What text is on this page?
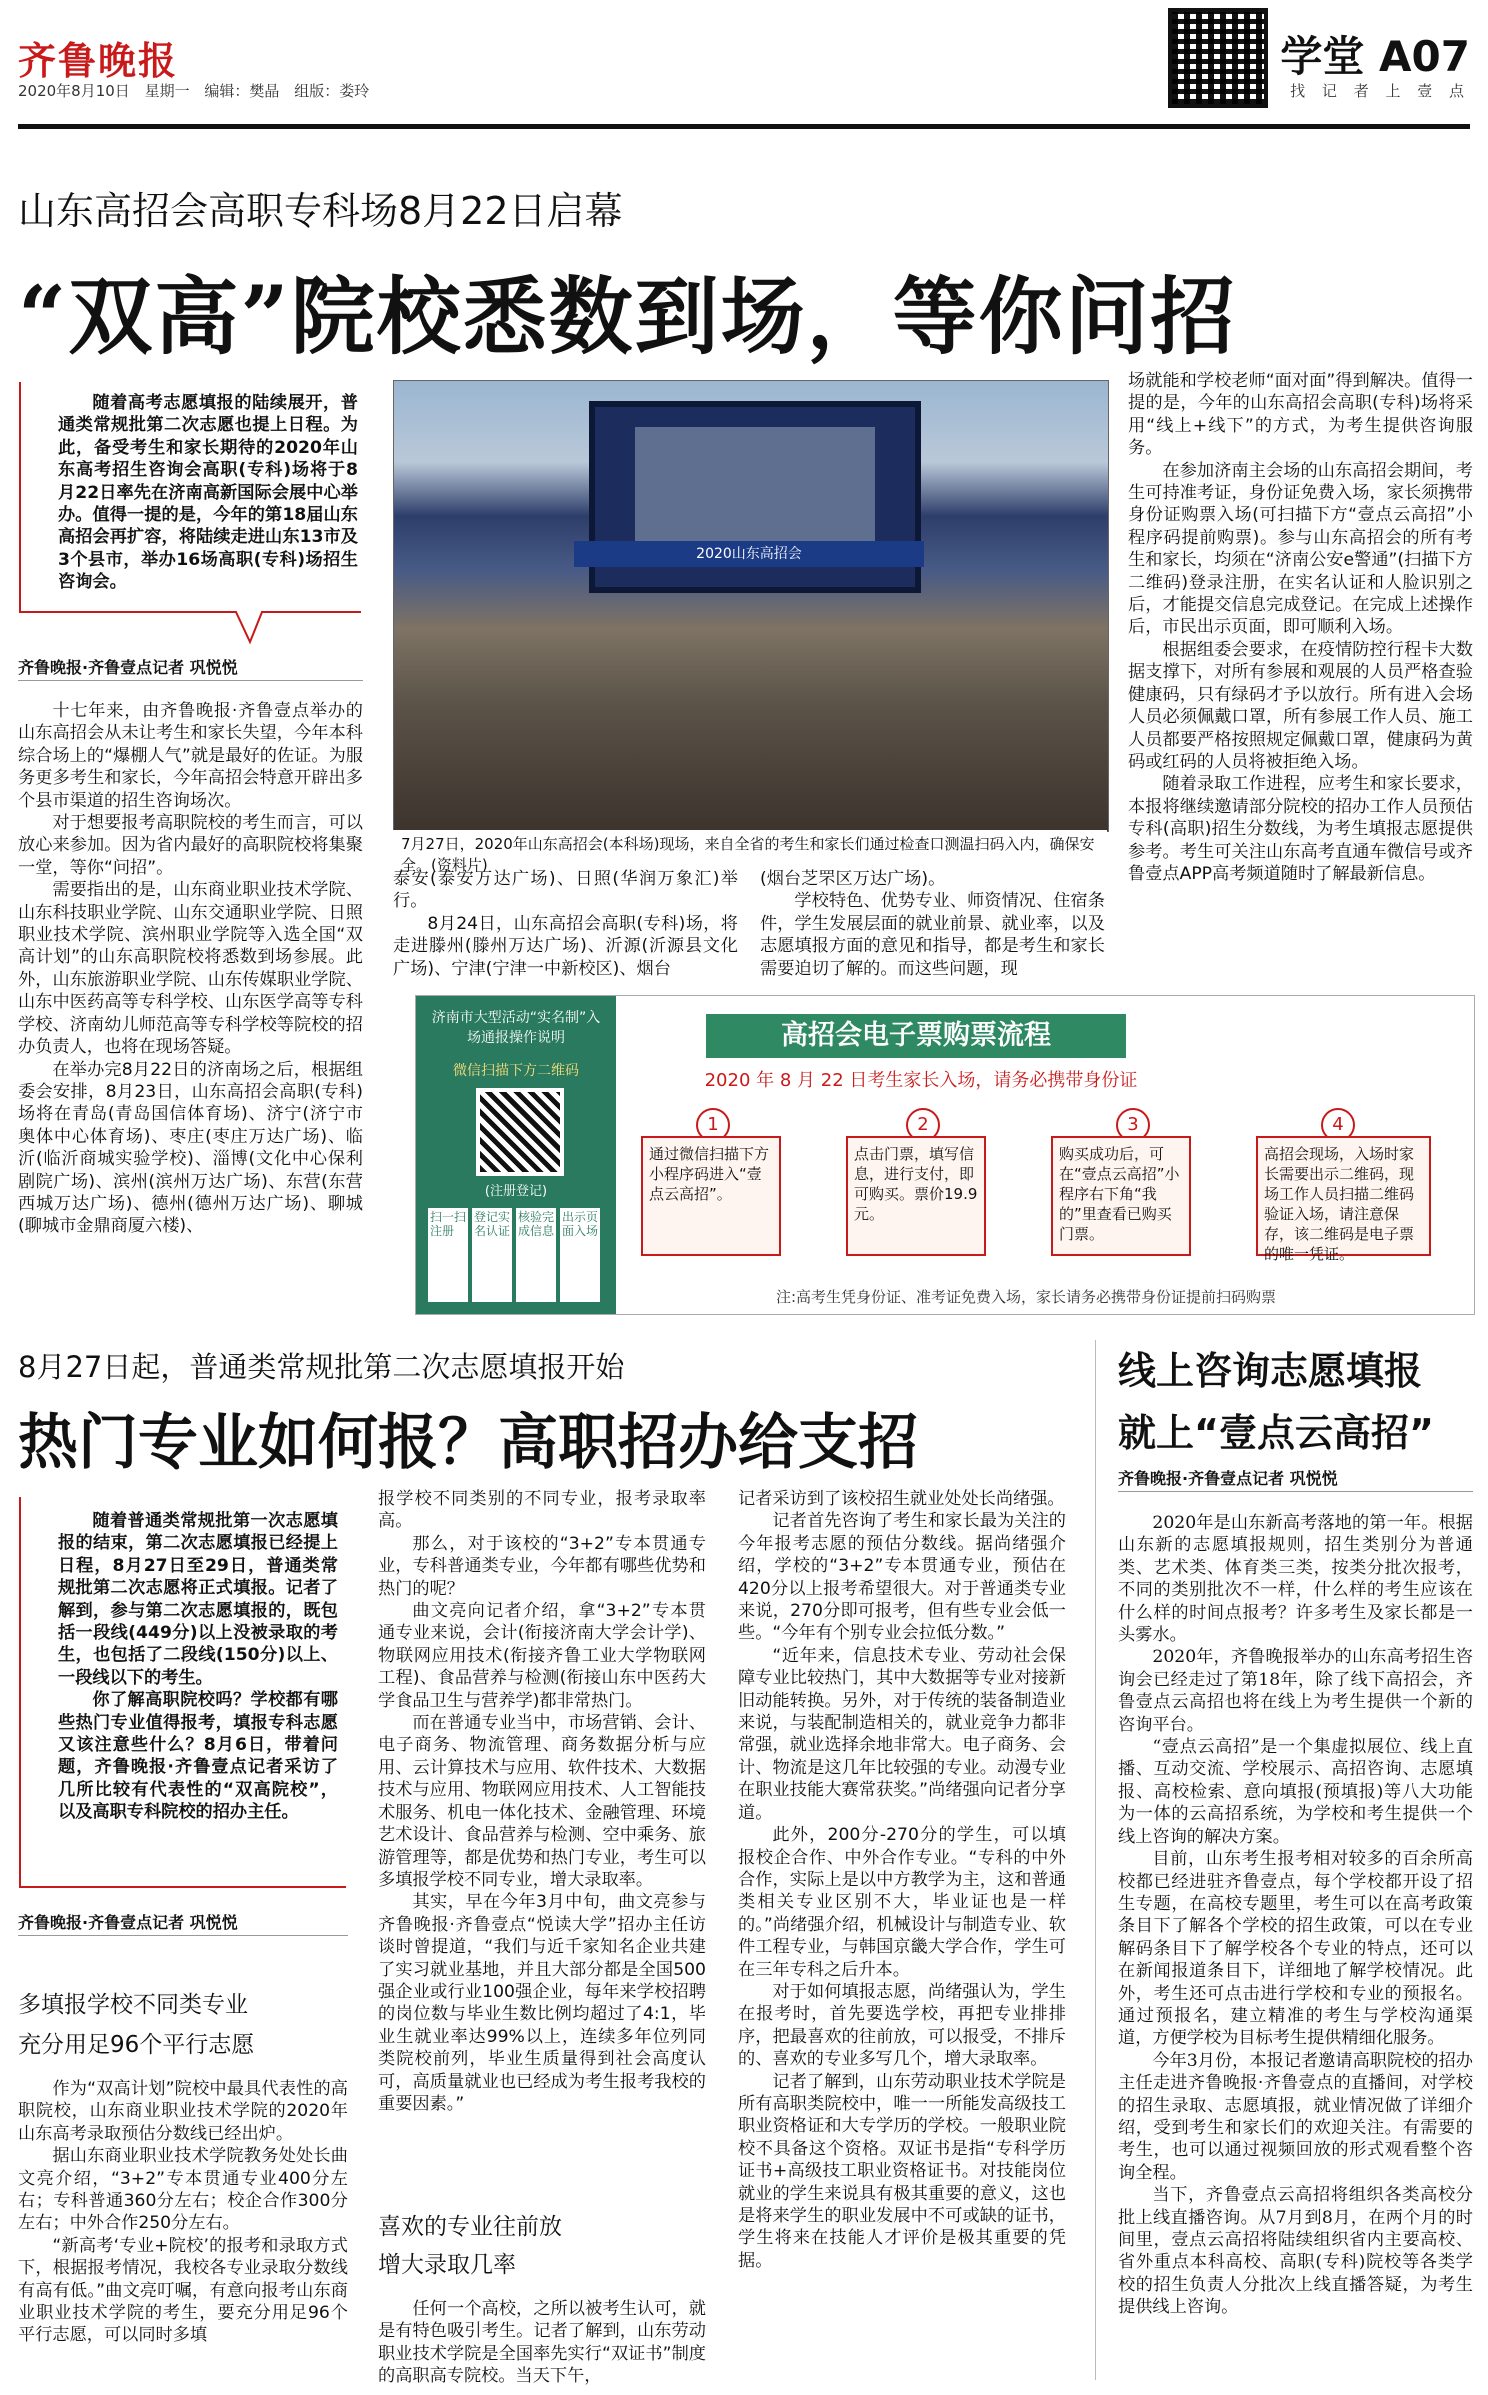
齐鲁晚报
2020年8月10日 星期一 编辑：樊晶 组版：娄玲
学堂 A07
找 记 者 上 壹 点
山东高招会高职专科场8月22日启幕
“双高”院校悉数到场，等你问招

随着高考志愿填报的陆续展开，普通类常规批第二次志愿也提上日程。为此，备受考生和家长期待的2020年山东高考招生咨询会高职(专科)场将于8月22日率先在济南高新国际会展中心举办。值得一提的是，今年的第18届山东高招会再扩容，将陆续走进山东13市及3个县市，举办16场高职(专科)场招生咨询会。

齐鲁晚报·齐鲁壹点记者 巩悦悦

十七年来，由齐鲁晚报·齐鲁壹点举办的山东高招会从未让考生和家长失望，今年本科综合场上的“爆棚人气”就是最好的佐证。为服务更多考生和家长，今年高招会特意开辟出多个县市渠道的招生咨询场次。

对于想要报考高职院校的考生而言，可以放心来参加。因为省内最好的高职院校将集聚一堂，等你“问招”。

需要指出的是，山东商业职业技术学院、山东科技职业学院、山东交通职业学院、日照职业技术学院、滨州职业学院等入选全国“双高计划”的山东高职院校将悉数到场参展。此外，山东旅游职业学院、山东传媒职业学院、山东中医药高等专科学校、山东医学高等专科学校、济南幼儿师范高等专科学校等院校的招办负责人，也将在现场答疑。

在举办完8月22日的济南场之后，根据组委会安排，8月23日，山东高招会高职(专科)场将在青岛(青岛国信体育场)、济宁(济宁市奥体中心体育场)、枣庄(枣庄万达广场)、临沂(临沂商城实验学校)、淄博(文化中心保利剧院广场)、滨州(滨州万达广场)、东营(东营西城万达广场)、德州(德州万达广场)、聊城(聊城市金鼎商厦六楼)、

2020山东高招会
7月27日，2020年山东高招会(本科场)现场，来自全省的考生和家长们通过检查口测温扫码入内，确保安全。(资料片)

泰安(泰安万达广场)、日照(华润万象汇)举行。

8月24日，山东高招会高职(专科)场，将走进滕州(滕州万达广场)、沂源(沂源县文化广场)、宁津(宁津一中新校区)、烟台

(烟台芝罘区万达广场)。

学校特色、优势专业、师资情况、住宿条件，学生发展层面的就业前景、就业率，以及志愿填报方面的意见和指导，都是考生和家长需要迫切了解的。而这些问题，现

场就能和学校老师“面对面”得到解决。值得一提的是，今年的山东高招会高职(专科)场将采用“线上+线下”的方式，为考生提供咨询服务。

在参加济南主会场的山东高招会期间，考生可持准考证，身份证免费入场，家长须携带身份证购票入场(可扫描下方“壹点云高招”小程序码提前购票)。参与山东高招会的所有考生和家长，均须在“济南公安e警通”(扫描下方二维码)登录注册，在实名认证和人脸识别之后，才能提交信息完成登记。在完成上述操作后，市民出示页面，即可顺利入场。

根据组委会要求，在疫情防控行程卡大数据支撑下，对所有参展和观展的人员严格查验健康码，只有绿码才予以放行。所有进入会场人员必须佩戴口罩，所有参展工作人员、施工人员都要严格按照规定佩戴口罩，健康码为黄码或红码的人员将被拒绝入场。

随着录取工作进程，应考生和家长要求，本报将继续邀请部分院校的招办工作人员预估专科(高职)招生分数线，为考生填报志愿提供参考。考生可关注山东高考直通车微信号或齐鲁壹点APP高考频道随时了解最新信息。

济南市大型活动“实名制”入场通报操作说明
微信扫描下方二维码
(注册登记)
扫一扫注册
登记实名认证
核验完成信息
出示页面入场
高招会电子票购票流程
2020 年 8 月 22 日考生家长入场，请务必携带身份证
1	2	3	4
通过微信扫描下方小程序码进入“壹点云高招”。
点击门票，填写信息，进行支付，即可购买。票价19.9元。
购买成功后，可在“壹点云高招”小程序右下角“我的”里查看已购买门票。
高招会现场，入场时家长需要出示二维码，现场工作人员扫描二维码验证入场，请注意保存，该二维码是电子票的唯一凭证。
注:高考生凭身份证、准考证免费入场，家长请务必携带身份证提前扫码购票
8月27日起，普通类常规批第二次志愿填报开始
热门专业如何报？高职招办给支招

随着普通类常规批第一次志愿填报的结束，第二次志愿填报已经提上日程，8月27日至29日，普通类常规批第二次志愿将正式填报。记者了解到，参与第二次志愿填报的，既包括一段线(449分)以上没被录取的考生，也包括了二段线(150分)以上、一段线以下的考生。

你了解高职院校吗？学校都有哪些热门专业值得报考，填报专科志愿又该注意些什么？8月6日，带着问题，齐鲁晚报·齐鲁壹点记者采访了几所比较有代表性的“双高院校”，以及高职专科院校的招办主任。

齐鲁晚报·齐鲁壹点记者 巩悦悦
多填报学校不同类专业
充分用足96个平行志愿

作为“双高计划”院校中最具代表性的高职院校，山东商业职业技术学院的2020年山东高考录取预估分数线已经出炉。

据山东商业职业技术学院教务处处长曲文亮介绍，“3+2”专本贯通专业400分左右；专科普通360分左右；校企合作300分左右；中外合作250分左右。

“新高考‘专业+院校’的报考和录取方式下，根据报考情况，我校各专业录取分数线有高有低。”曲文亮叮嘱，有意向报考山东商业职业技术学院的考生，要充分用足96个平行志愿，可以同时多填

报学校不同类别的不同专业，报考录取率高。

那么，对于该校的“3+2”专本贯通专业，专科普通类专业，今年都有哪些优势和热门的呢？

曲文亮向记者介绍，拿“3+2”专本贯通专业来说，会计(衔接济南大学会计学)、物联网应用技术(衔接齐鲁工业大学物联网工程)、食品营养与检测(衔接山东中医药大学食品卫生与营养学)都非常热门。

而在普通专业当中，市场营销、会计、电子商务、物流管理、商务数据分析与应用、云计算技术与应用、软件技术、大数据技术与应用、物联网应用技术、人工智能技术服务、机电一体化技术、金融管理、环境艺术设计、食品营养与检测、空中乘务、旅游管理等，都是优势和热门专业，考生可以多填报学校不同专业，增大录取率。

其实，早在今年3月中旬，曲文亮参与齐鲁晚报·齐鲁壹点“悦读大学”招办主任访谈时曾提道，“我们与近千家知名企业共建了实习就业基地，并且大部分都是全国500强企业或行业100强企业，每年来学校招聘的岗位数与毕业生数比例均超过了4:1，毕业生就业率达99%以上，连续多年位列同类院校前列，毕业生质量得到社会高度认可，高质量就业也已经成为考生报考我校的重要因素。”

喜欢的专业往前放
增大录取几率

任何一个高校，之所以被考生认可，就是有特色吸引考生。记者了解到，山东劳动职业技术学院是全国率先实行“双证书”制度的高职高专院校。当天下午，

记者采访到了该校招生就业处处长尚绪强。

记者首先咨询了考生和家长最为关注的今年报考志愿的预估分数线。据尚绪强介绍，学校的“3+2”专本贯通专业，预估在420分以上报考希望很大。对于普通类专业来说，270分即可报考，但有些专业会低一些。“今年有个别专业会拉低分数。”

“近年来，信息技术专业、劳动社会保障专业比较热门，其中大数据等专业对接新旧动能转换。另外，对于传统的装备制造业来说，与装配制造相关的，就业竞争力都非常强，就业选择余地非常大。电子商务、会计、物流是这几年比较强的专业。动漫专业在职业技能大赛常获奖。”尚绪强向记者分享道。

此外，200分-270分的学生，可以填报校企合作、中外合作专业。“专科的中外合作，实际上是以中方教学为主，这和普通类相关专业区别不大，毕业证也是一样的。”尚绪强介绍，机械设计与制造专业、软件工程专业，与韩国京畿大学合作，学生可在三年专科之后升本。

对于如何填报志愿，尚绪强认为，学生在报考时，首先要选学校，再把专业排排序，把最喜欢的往前放，可以报受，不排斥的、喜欢的专业多写几个，增大录取率。

记者了解到，山东劳动职业技术学院是所有高职类院校中，唯一一所能发高级技工职业资格证和大专学历的学校。一般职业院校不具备这个资格。双证书是指“专科学历证书+高级技工职业资格证书。对技能岗位就业的学生来说具有极其重要的意义，这也是将来学生的职业发展中不可或缺的证书，学生将来在技能人才评价是极其重要的凭据。

线上咨询志愿填报
就上“壹点云高招”
齐鲁晚报·齐鲁壹点记者 巩悦悦

2020年是山东新高考落地的第一年。根据山东新的志愿填报规则，招生类别分为普通类、艺术类、体育类三类，按类分批次报考，不同的类别批次不一样，什么样的考生应该在什么样的时间点报考？许多考生及家长都是一头雾水。

2020年，齐鲁晚报举办的山东高考招生咨询会已经走过了第18年，除了线下高招会，齐鲁壹点云高招也将在线上为考生提供一个新的咨询平台。

“壹点云高招”是一个集虚拟展位、线上直播、互动交流、学校展示、高招咨询、志愿填报、高校检索、意向填报(预填报)等八大功能为一体的云高招系统，为学校和考生提供一个线上咨询的解决方案。

目前，山东考生报考相对较多的百余所高校都已经进驻齐鲁壹点，每个学校都开设了招生专题，在高校专题里，考生可以在高考政策条目下了解各个学校的招生政策，可以在专业解码条目下了解学校各个专业的特点，还可以在新闻报道条目下，详细地了解学校情况。此外，考生还可点击进行学校和专业的预报名。通过预报名，建立精准的考生与学校沟通渠道，方便学校为目标考生提供精细化服务。

今年3月份，本报记者邀请高职院校的招办主任走进齐鲁晚报·齐鲁壹点的直播间，对学校的招生录取、志愿填报，就业情况做了详细介绍，受到考生和家长们的欢迎关注。有需要的考生，也可以通过视频回放的形式观看整个咨询全程。

当下，齐鲁壹点云高招将组织各类高校分批上线直播咨询。从7月到8月，在两个月的时间里，壹点云高招将陆续组织省内主要高校、省外重点本科高校、高职(专科)院校等各类学校的招生负责人分批次上线直播答疑，为考生提供线上咨询。
